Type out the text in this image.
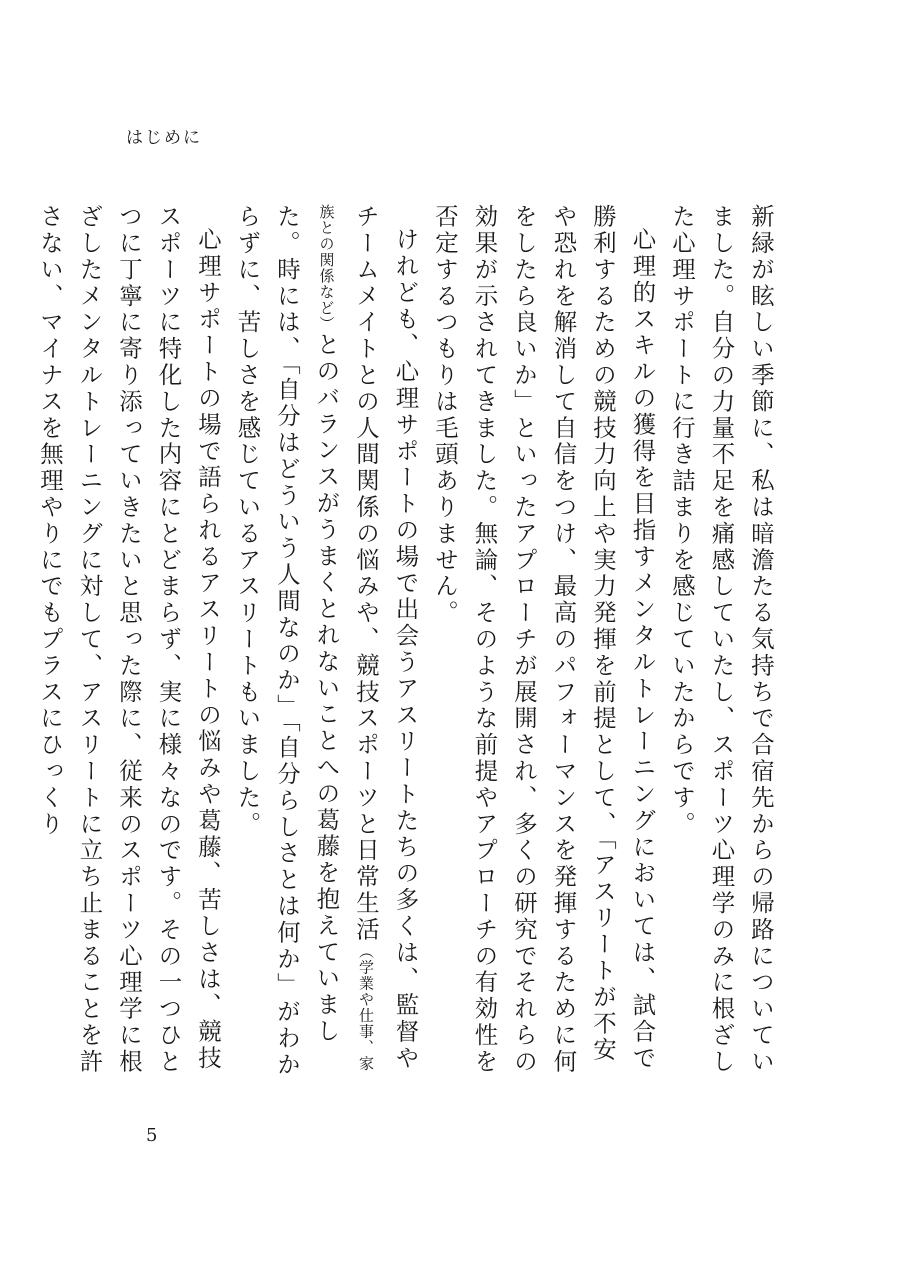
はじめに

新緑が眩しい季節に、私は暗澹たる気持ちで合宿先からの帰路についていました。自分の力量不足を痛感していたし、スポーツ心理学のみに根ざした心理サポートに行き詰まりを感じていたからです。

心理的スキルの獲得を目指すメンタルトレーニングにおいては、試合で勝利するための競技力向上や実力発揮を前提として、「アスリートが不安や恐れを解消して自信をつけ、最高のパフォーマンスを発揮するために何をしたら良いか」といったアプローチが展開され、多くの研究でそれらの効果が示されてきました。無論、そのような前提やアプローチの有効性を否定するつもりは毛頭ありません。

けれども、心理サポートの場で出会うアスリートたちの多くは、監督やチームメイトとの人間関係の悩みや、競技スポーツと日常生活（学業や仕事、家族との関係など）とのバランスがうまくとれないことへの葛藤を抱えていました。時には、「自分はどういう人間なのか」「自分らしさとは何か」がわからずに、苦しさを感じているアスリートもいました。

心理サポートの場で語られるアスリートの悩みや葛藤、苦しさは、競技スポーツに特化した内容にとどまらず、実に様々なのです。その一つひとつに丁寧に寄り添っていきたいと思った際に、従来のスポーツ心理学に根ざしたメンタルトレーニングに対して、アスリートに立ち止まることを許さない、マイナスを無理やりにでもプラスにひっくり

5
